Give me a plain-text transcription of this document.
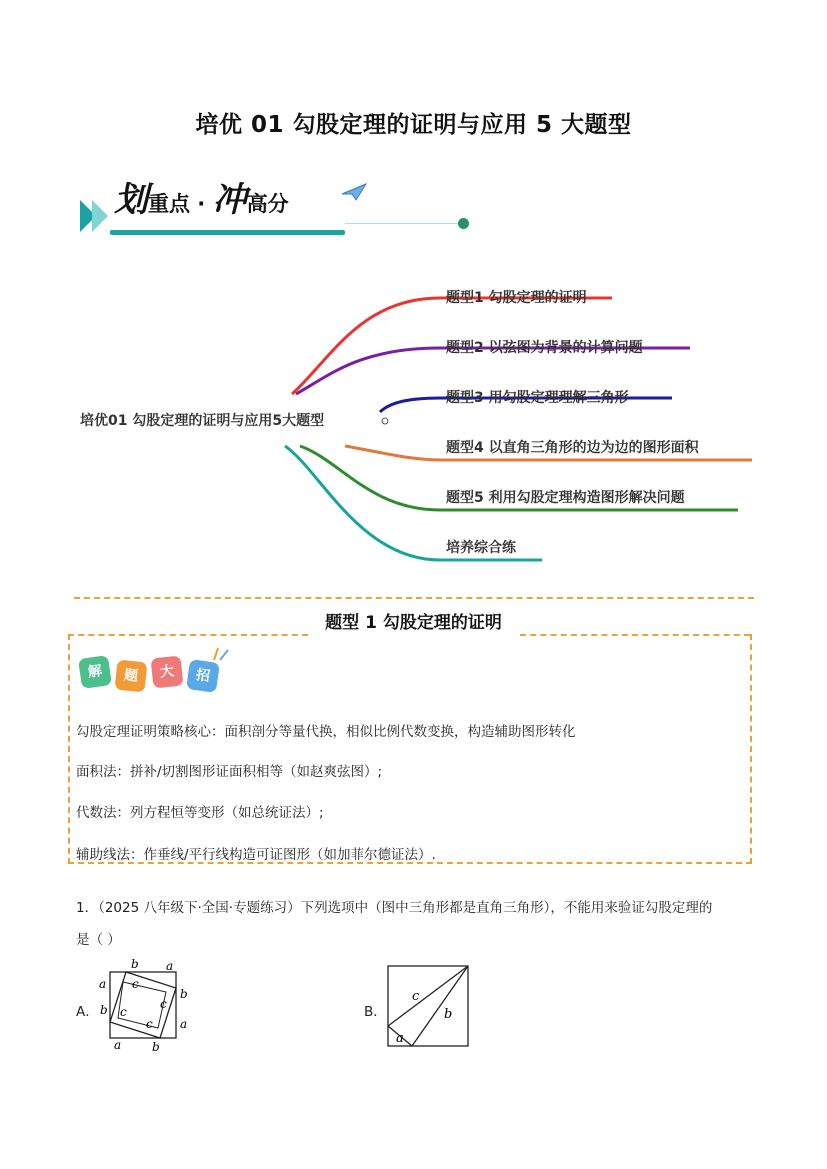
培优 01 勾股定理的证明与应用 5 大题型
划重点 · 冲高分
培优01 勾股定理的证明与应用5大题型
题型1 勾股定理的证明
题型2 以弦图为背景的计算问题
题型3 用勾股定理理解三角形
题型4 以直角三角形的边为边的图形面积
题型5 利用勾股定理构造图形解决问题
培养综合练
题型 1 勾股定理的证明
解	题	大	招
勾股定理证明策略核心：面积剖分等量代换，相似比例代数变换，构造辅助图形转化
面积法：拼补/切割图形证面积相等（如赵爽弦图）;
代数法：列方程恒等变形（如总统证法）;
辅助线法：作垂线/平行线构造可证图形（如加菲尔德证法）.
1．（2025 八年级下·全国·专题练习）下列选项中（图中三角形都是直角三角形），不能用来验证勾股定理的
是（ ）
A．
b a
a
b
c
c
c
b
c a
a	b
B．
c
b
a
